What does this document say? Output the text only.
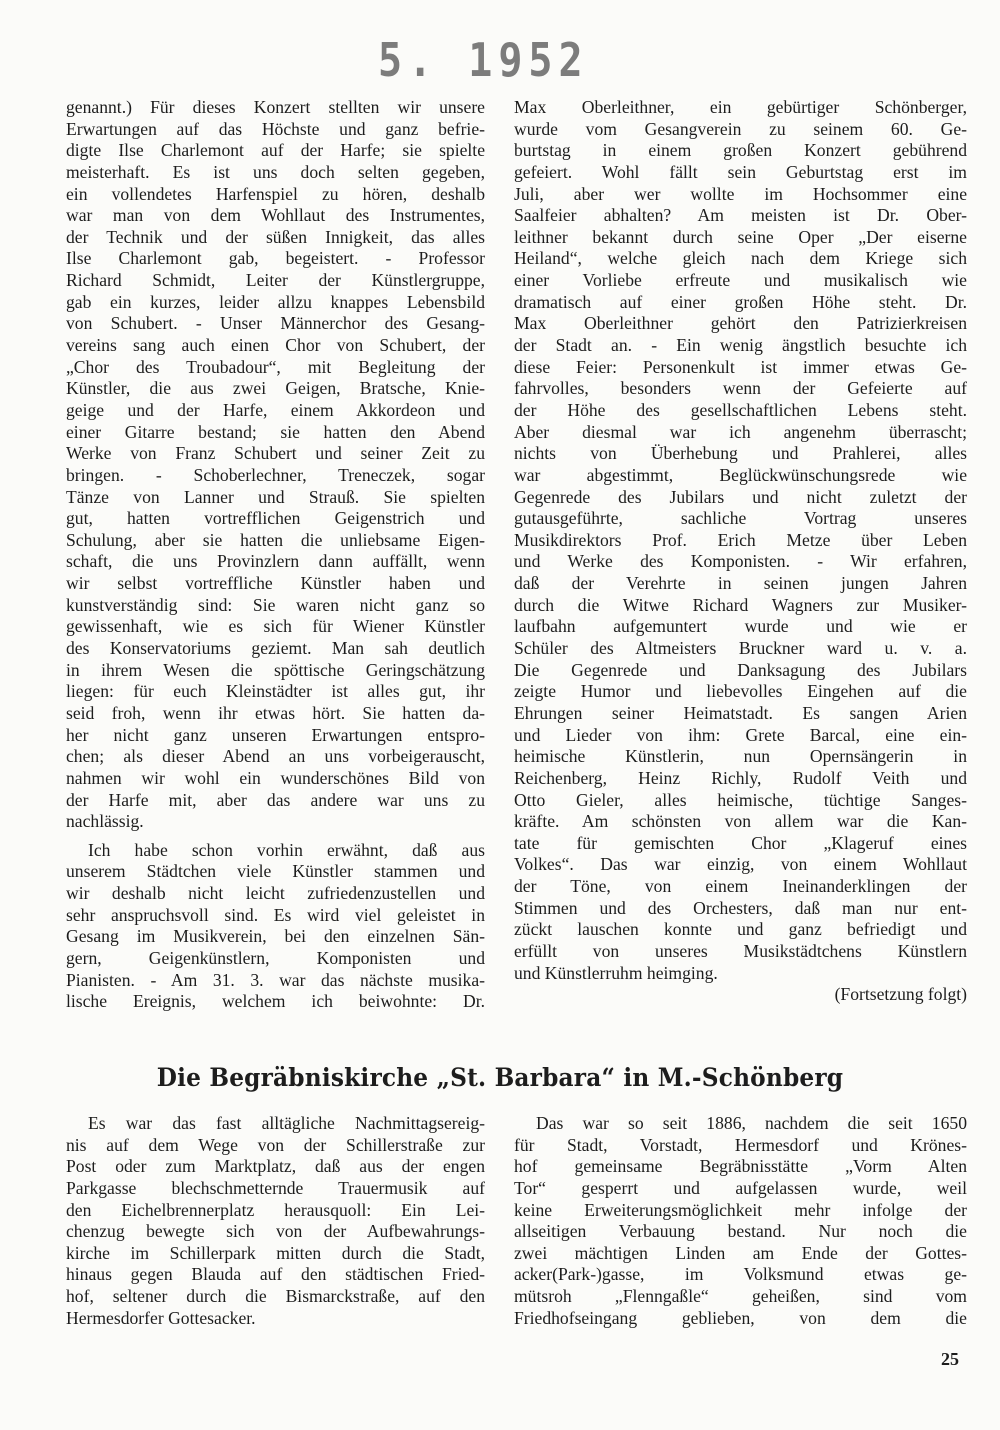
5. 1952
genannt.) Für dieses Konzert stellten wir unsere
Erwartungen auf das Höchste und ganz befrie-
digte Ilse Charlemont auf der Harfe; sie spielte
meisterhaft. Es ist uns doch selten gegeben,
ein vollendetes Harfenspiel zu hören, deshalb
war man von dem Wohllaut des Instrumentes,
der Technik und der süßen Innigkeit, das alles
Ilse Charlemont gab, begeistert. - Professor
Richard Schmidt, Leiter der Künstlergruppe,
gab ein kurzes, leider allzu knappes Lebensbild
von Schubert. - Unser Männerchor des Gesang-
vereins sang auch einen Chor von Schubert, der
„Chor des Troubadour“, mit Begleitung der
Künstler, die aus zwei Geigen, Bratsche, Knie-
geige und der Harfe, einem Akkordeon und
einer Gitarre bestand; sie hatten den Abend
Werke von Franz Schubert und seiner Zeit zu
bringen. - Schoberlechner, Treneczek, sogar
Tänze von Lanner und Strauß. Sie spielten
gut, hatten vortrefflichen Geigenstrich und
Schulung, aber sie hatten die unliebsame Eigen-
schaft, die uns Provinzlern dann auffällt, wenn
wir selbst vortreffliche Künstler haben und
kunstverständig sind: Sie waren nicht ganz so
gewissenhaft, wie es sich für Wiener Künstler
des Konservatoriums geziemt. Man sah deutlich
in ihrem Wesen die spöttische Geringschätzung
liegen: für euch Kleinstädter ist alles gut, ihr
seid froh, wenn ihr etwas hört. Sie hatten da-
her nicht ganz unseren Erwartungen entspro-
chen; als dieser Abend an uns vorbeigerauscht,
nahmen wir wohl ein wunderschönes Bild von
der Harfe mit, aber das andere war uns zu
nachlässig.
Ich habe schon vorhin erwähnt, daß aus
unserem Städtchen viele Künstler stammen und
wir deshalb nicht leicht zufriedenzustellen und
sehr anspruchsvoll sind. Es wird viel geleistet in
Gesang im Musikverein, bei den einzelnen Sän-
gern, Geigenkünstlern, Komponisten und
Pianisten. - Am 31. 3. war das nächste musika-
lische Ereignis, welchem ich beiwohnte: Dr.
Max Oberleithner, ein gebürtiger Schönberger,
wurde vom Gesangverein zu seinem 60. Ge-
burtstag in einem großen Konzert gebührend
gefeiert. Wohl fällt sein Geburtstag erst im
Juli, aber wer wollte im Hochsommer eine
Saalfeier abhalten? Am meisten ist Dr. Ober-
leithner bekannt durch seine Oper „Der eiserne
Heiland“, welche gleich nach dem Kriege sich
einer Vorliebe erfreute und musikalisch wie
dramatisch auf einer großen Höhe steht. Dr.
Max Oberleithner gehört den Patrizierkreisen
der Stadt an. - Ein wenig ängstlich besuchte ich
diese Feier: Personenkult ist immer etwas Ge-
fahrvolles, besonders wenn der Gefeierte auf
der Höhe des gesellschaftlichen Lebens steht.
Aber diesmal war ich angenehm überrascht;
nichts von Überhebung und Prahlerei, alles
war abgestimmt, Beglückwünschungsrede wie
Gegenrede des Jubilars und nicht zuletzt der
gutausgeführte, sachliche Vortrag unseres
Musikdirektors Prof. Erich Metze über Leben
und Werke des Komponisten. - Wir erfahren,
daß der Verehrte in seinen jungen Jahren
durch die Witwe Richard Wagners zur Musiker-
laufbahn aufgemuntert wurde und wie er
Schüler des Altmeisters Bruckner ward u. v. a.
Die Gegenrede und Danksagung des Jubilars
zeigte Humor und liebevolles Eingehen auf die
Ehrungen seiner Heimatstadt. Es sangen Arien
und Lieder von ihm: Grete Barcal, eine ein-
heimische Künstlerin, nun Opernsängerin in
Reichenberg, Heinz Richly, Rudolf Veith und
Otto Gieler, alles heimische, tüchtige Sanges-
kräfte. Am schönsten von allem war die Kan-
tate für gemischten Chor „Klageruf eines
Volkes“. Das war einzig, von einem Wohllaut
der Töne, von einem Ineinanderklingen der
Stimmen und des Orchesters, daß man nur ent-
zückt lauschen konnte und ganz befriedigt und
erfüllt von unseres Musikstädtchens Künstlern
und Künstlerruhm heimging.
(Fortsetzung folgt)
Die Begräbniskirche „St. Barbara“ in M.-Schönberg
Es war das fast alltägliche Nachmittagsereig-
nis auf dem Wege von der Schillerstraße zur
Post oder zum Marktplatz, daß aus der engen
Parkgasse blechschmetternde Trauermusik auf
den Eichelbrennerplatz herausquoll: Ein Lei-
chenzug bewegte sich von der Aufbewahrungs-
kirche im Schillerpark mitten durch die Stadt,
hinaus gegen Blauda auf den städtischen Fried-
hof, seltener durch die Bismarckstraße, auf den
Hermesdorfer Gottesacker.
Das war so seit 1886, nachdem die seit 1650
für Stadt, Vorstadt, Hermesdorf und Krönes-
hof gemeinsame Begräbnisstätte „Vorm Alten
Tor“ gesperrt und aufgelassen wurde, weil
keine Erweiterungsmöglichkeit mehr infolge der
allseitigen Verbauung bestand. Nur noch die
zwei mächtigen Linden am Ende der Gottes-
acker(Park-)gasse, im Volksmund etwas ge-
mütsroh „Flenngaßle“ geheißen, sind vom
Friedhofseingang geblieben, von dem die
25
